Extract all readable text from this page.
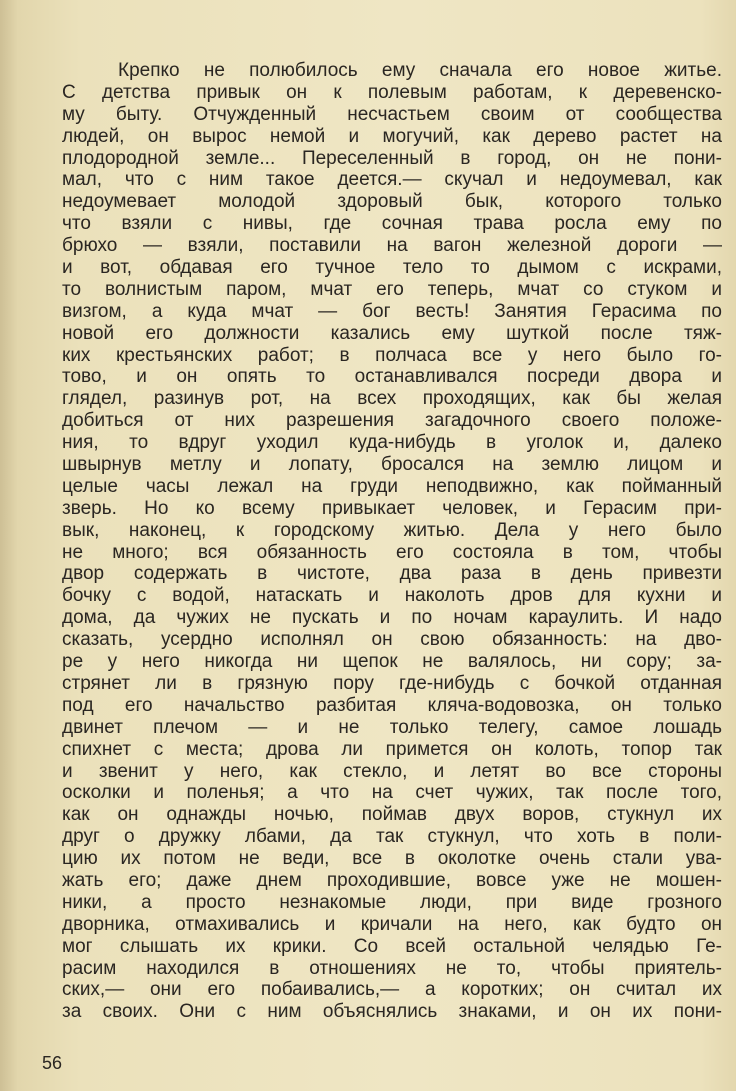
Крепко не полюбилось ему сначала его новое житье.
С детства привык он к полевым работам, к деревенско-
му быту. Отчужденный несчастьем своим от сообщества
людей, он вырос немой и могучий, как дерево растет на
плодородной земле... Переселенный в город, он не пони-
мал, что с ним такое деется.— скучал и недоумевал, как
недоумевает молодой здоровый бык, которого только
что взяли с нивы, где сочная трава росла ему по
брюхо — взяли, поставили на вагон железной дороги —
и вот, обдавая его тучное тело то дымом с искрами,
то волнистым паром, мчат его теперь, мчат со стуком и
визгом, а куда мчат — бог весть! Занятия Герасима по
новой его должности казались ему шуткой после тяж-
ких крестьянских работ; в полчаса все у него было го-
тово, и он опять то останавливался посреди двора и
глядел, разинув рот, на всех проходящих, как бы желая
добиться от них разрешения загадочного своего положе-
ния, то вдруг уходил куда-нибудь в уголок и, далеко
швырнув метлу и лопату, бросался на землю лицом и
целые часы лежал на груди неподвижно, как пойманный
зверь. Но ко всему привыкает человек, и Герасим при-
вык, наконец, к городскому житью. Дела у него было
не много; вся обязанность его состояла в том, чтобы
двор содержать в чистоте, два раза в день привезти
бочку с водой, натаскать и наколоть дров для кухни и
дома, да чужих не пускать и по ночам караулить. И надо
сказать, усердно исполнял он свою обязанность: на дво-
ре у него никогда ни щепок не валялось, ни сору; за-
стрянет ли в грязную пору где-нибудь с бочкой отданная
под его начальство разбитая кляча-водовозка, он только
двинет плечом — и не только телегу, самое лошадь
спихнет с места; дрова ли примется он колоть, топор так
и звенит у него, как стекло, и летят во все стороны
осколки и поленья; а что на счет чужих, так после того,
как он однажды ночью, поймав двух воров, стукнул их
друг о дружку лбами, да так стукнул, что хоть в поли-
цию их потом не веди, все в околотке очень стали ува-
жать его; даже днем проходившие, вовсе уже не мошен-
ники, а просто незнакомые люди, при виде грозного
дворника, отмахивались и кричали на него, как будто он
мог слышать их крики. Со всей остальной челядью Ге-
расим находился в отношениях не то, чтобы приятель-
ских,— они его побаивались,— а коротких; он считал их
за своих. Они с ним объяснялись знаками, и он их пони-
56
